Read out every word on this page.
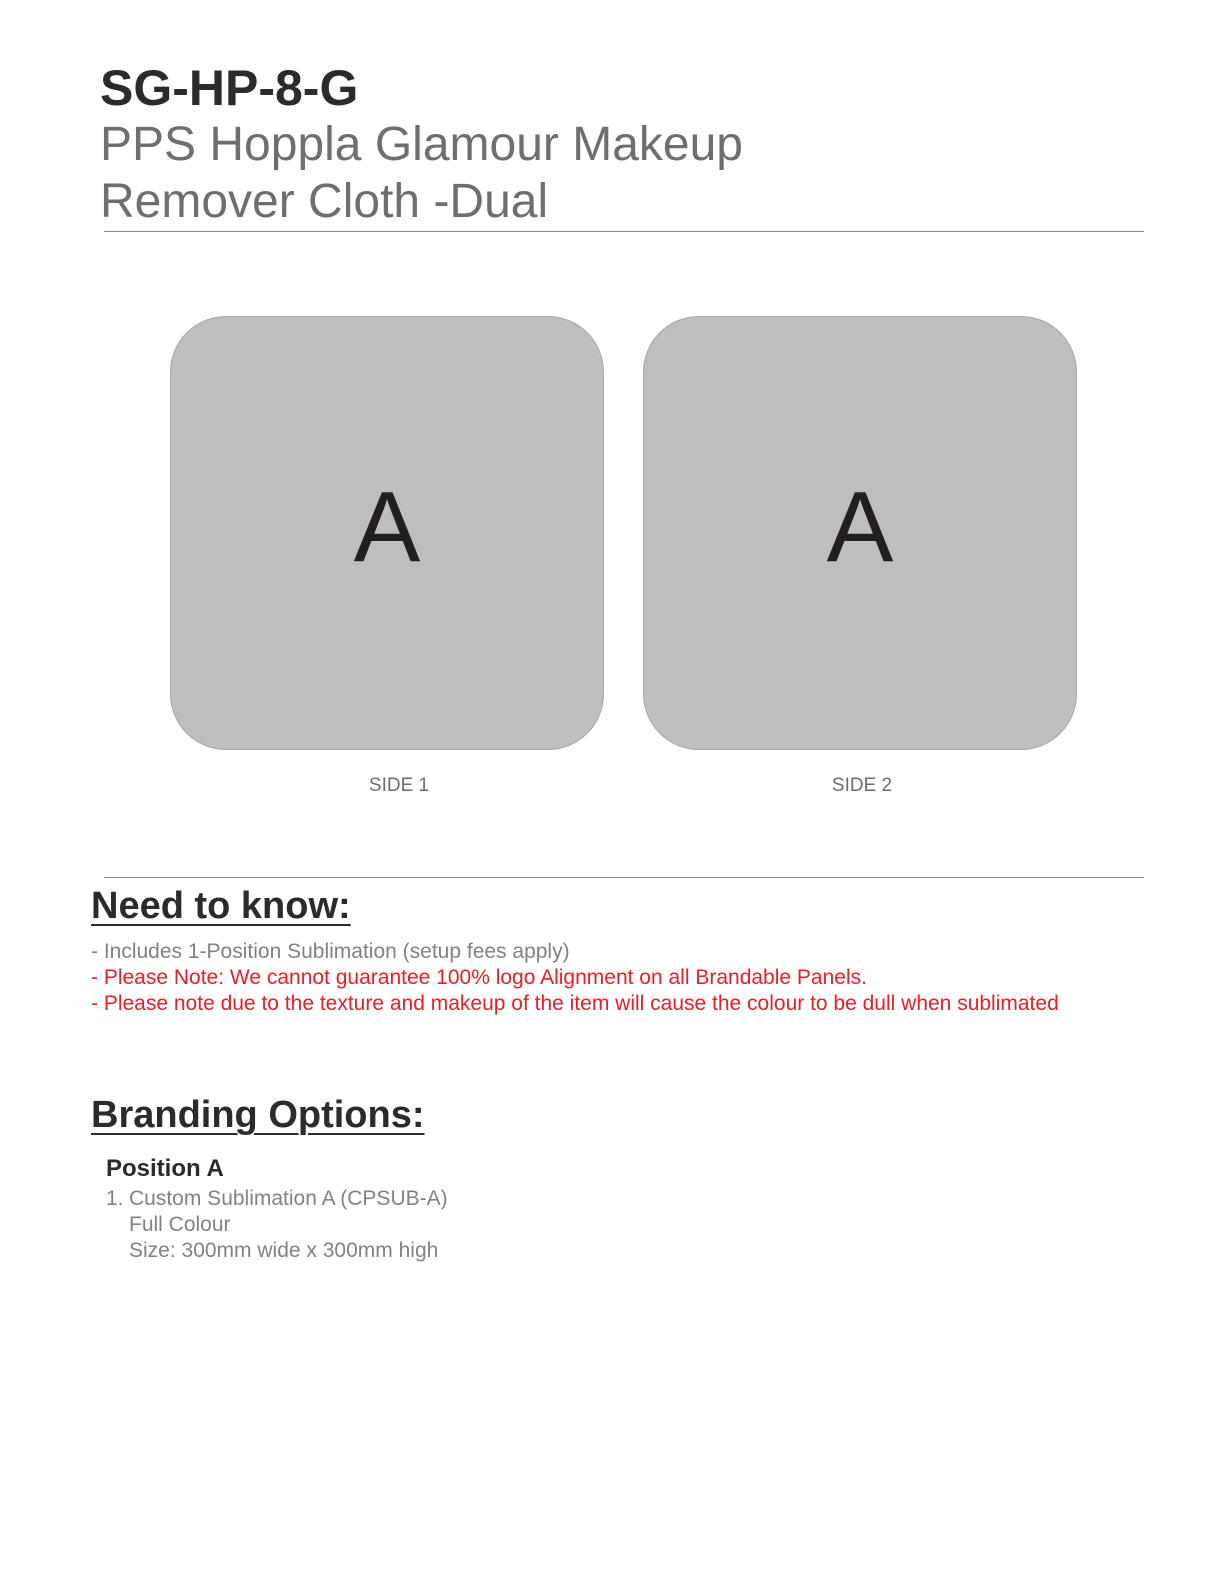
SG-HP-8-G
PPS Hoppla Glamour Makeup
Remover Cloth -Dual
A	A
SIDE 1	SIDE 2
Need to know:
- Includes 1-Position Sublimation (setup fees apply)
- Please Note: We cannot guarantee 100% logo Alignment on all Brandable Panels.
- Please note due to the texture and makeup of the item will cause the colour to be dull when sublimated
Branding Options:
Position A
1. Custom Sublimation A (CPSUB-A)
Full Colour
Size: 300mm wide x 300mm high
